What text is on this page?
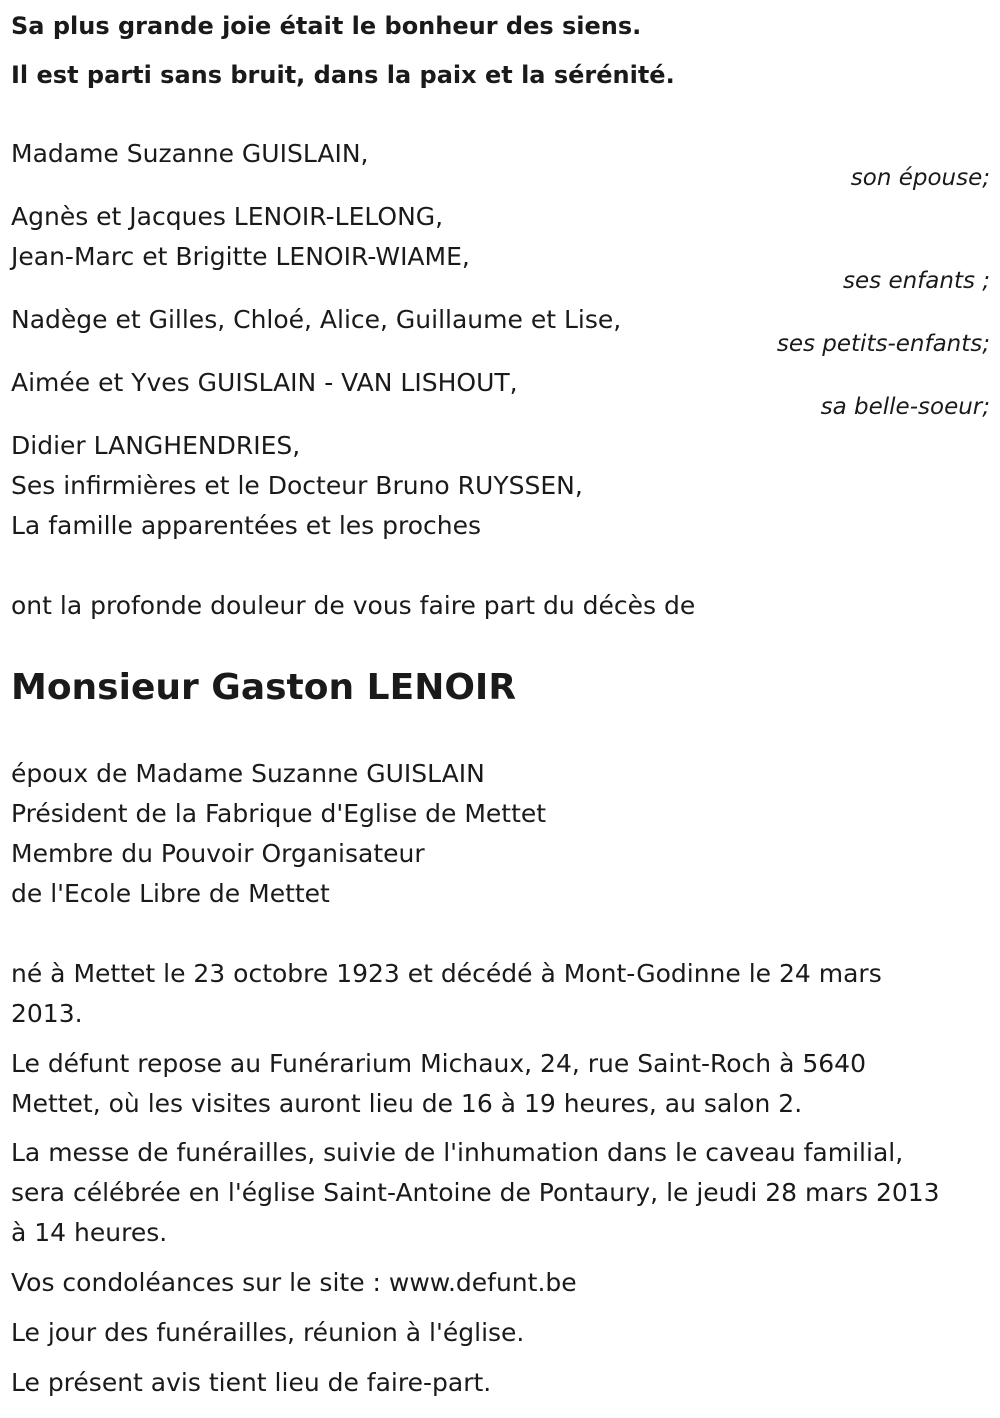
Sa plus grande joie était le bonheur des siens.
Il est parti sans bruit, dans la paix et la sérénité.
Madame Suzanne GUISLAIN,
son épouse;
Agnès et Jacques LENOIR-LELONG,
Jean-Marc et Brigitte LENOIR-WIAME,
ses enfants ;
Nadège et Gilles, Chloé, Alice, Guillaume et Lise,
ses petits-enfants;
Aimée et Yves GUISLAIN - VAN LISHOUT,
sa belle-soeur;
Didier LANGHENDRIES,
Ses infirmières et le Docteur Bruno RUYSSEN,
La famille apparentées et les proches
ont la profonde douleur de vous faire part du décès de
Monsieur Gaston LENOIR
époux de Madame Suzanne GUISLAIN
Président de la Fabrique d'Eglise de Mettet
Membre du Pouvoir Organisateur
de l'Ecole Libre de Mettet
né à Mettet le 23 octobre 1923 et décédé à Mont-Godinne le 24 mars
2013.
Le défunt repose au Funérarium Michaux, 24, rue Saint-Roch à 5640
Mettet, où les visites auront lieu de 16 à 19 heures, au salon 2.
La messe de funérailles, suivie de l'inhumation dans le caveau familial,
sera célébrée en l'église Saint-Antoine de Pontaury, le jeudi 28 mars 2013
à 14 heures.
Vos condoléances sur le site : www.defunt.be
Le jour des funérailles, réunion à l'église.
Le présent avis tient lieu de faire-part.
